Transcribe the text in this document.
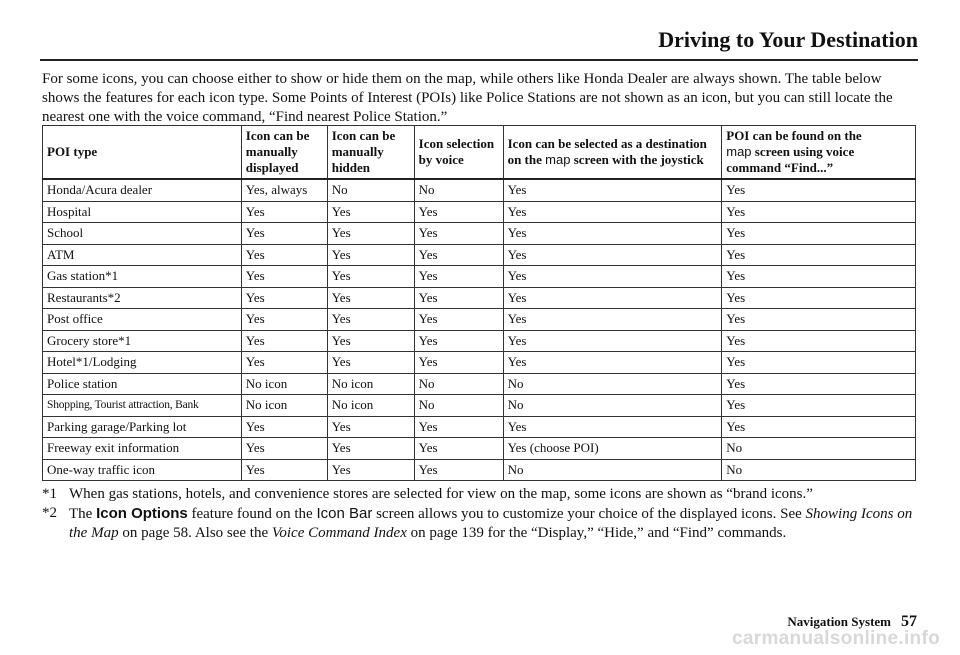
Driving to Your Destination

For some icons, you can choose either to show or hide them on the map, while others like Honda Dealer are always shown. The table below shows the features for each icon type. Some Points of Interest (POIs) like Police Stations are not shown as an icon, but you can still locate the nearest one with the voice command, “Find nearest Police Station.”

POI type	Icon can be manually displayed	Icon can be manually hidden	Icon selection by voice	Icon can be selected as a destination on the map screen with the joystick	POI can be found on the
map screen using voice command “Find...”
Honda/Acura dealer	Yes, always	No	No	Yes	Yes
Hospital	Yes	Yes	Yes	Yes	Yes
School	Yes	Yes	Yes	Yes	Yes
ATM	Yes	Yes	Yes	Yes	Yes
Gas station*1	Yes	Yes	Yes	Yes	Yes
Restaurants*2	Yes	Yes	Yes	Yes	Yes
Post office	Yes	Yes	Yes	Yes	Yes
Grocery store*1	Yes	Yes	Yes	Yes	Yes
Hotel*1/Lodging	Yes	Yes	Yes	Yes	Yes
Police station	No icon	No icon	No	No	Yes
Shopping, Tourist attraction, Bank	No icon	No icon	No	No	Yes
Parking garage/Parking lot	Yes	Yes	Yes	Yes	Yes
Freeway exit information	Yes	Yes	Yes	Yes (choose POI)	No
One-way traffic icon	Yes	Yes	Yes	No	No
*1 When gas stations, hotels, and convenience stores are selected for view on the map, some icons are shown as “brand icons.”
*2 The Icon Options feature found on the Icon Bar screen allows you to customize your choice of the displayed icons. See Showing Icons on the Map on page 58. Also see the Voice Command Index on page 139 for the “Display,” “Hide,” and “Find” commands.
Navigation System 57
carmanualsonline.info
